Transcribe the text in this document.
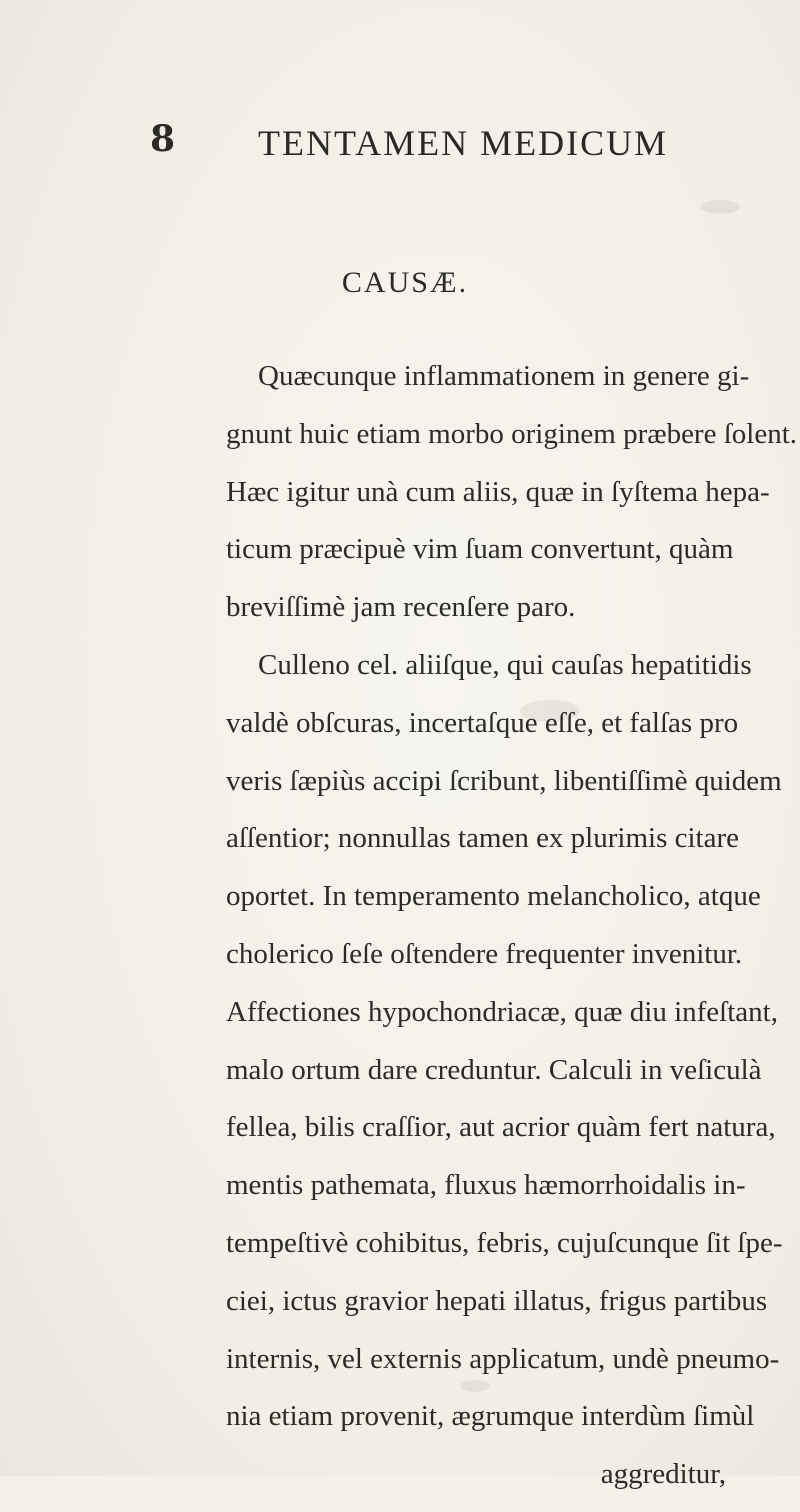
8 TENTAMEN MEDICUM
CAUSÆ.
Quæcunque inflammationem in genere gi-
gnunt huic etiam morbo originem præbere ſolent.
Hæc igitur unà cum aliis, quæ in ſyſtema hepa-
ticum præcipuè vim ſuam convertunt, quàm
breviſſimè jam recenſere paro.
Culleno cel. aliiſque, qui cauſas hepatitidis
valdè obſcuras, incertaſque eſſe, et falſas pro
veris ſæpiùs accipi ſcribunt, libentiſſimè quidem
aſſentior; nonnullas tamen ex plurimis citare
oportet. In temperamento melancholico, atque
cholerico ſeſe oſtendere frequenter invenitur.
Affectiones hypochondriacæ, quæ diu infeſtant,
malo ortum dare creduntur. Calculi in veſiculà
fellea, bilis craſſior, aut acrior quàm fert natura,
mentis pathemata, fluxus hæmorrhoidalis in-
tempeſtivè cohibitus, febris, cujuſcunque ſit ſpe-
ciei, ictus gravior hepati illatus, frigus partibus
internis, vel externis applicatum, undè pneumo-
nia etiam provenit, ægrumque interdùm ſimùl
aggreditur,
